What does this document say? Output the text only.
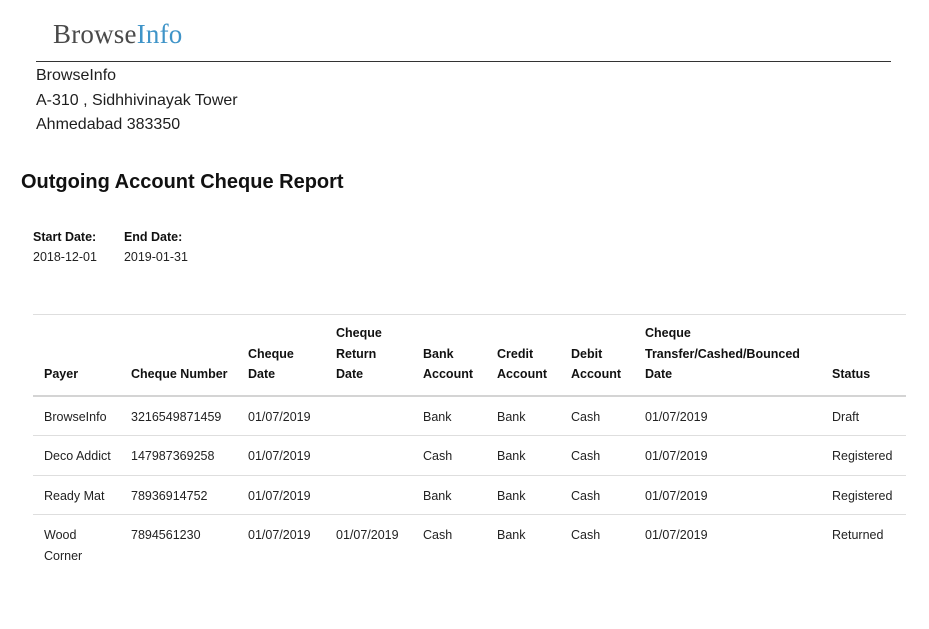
BrowseInfo
BrowseInfo
A-310 , Sidhhivinayak Tower
Ahmedabad 383350
Outgoing Account Cheque Report
Start Date:
2018-12-01
End Date:
2019-01-31
Payer	Cheque Number	Cheque Date	Cheque Return Date	Bank Account	Credit Account	Debit Account	Cheque Transfer/Cashed/Bounced Date	Status
BrowseInfo	3216549871459	01/07/2019		Bank	Bank	Cash	01/07/2019	Draft
Deco Addict	147987369258	01/07/2019		Cash	Bank	Cash	01/07/2019	Registered
Ready Mat	78936914752	01/07/2019		Bank	Bank	Cash	01/07/2019	Registered
Wood Corner	7894561230	01/07/2019	01/07/2019	Cash	Bank	Cash	01/07/2019	Returned
